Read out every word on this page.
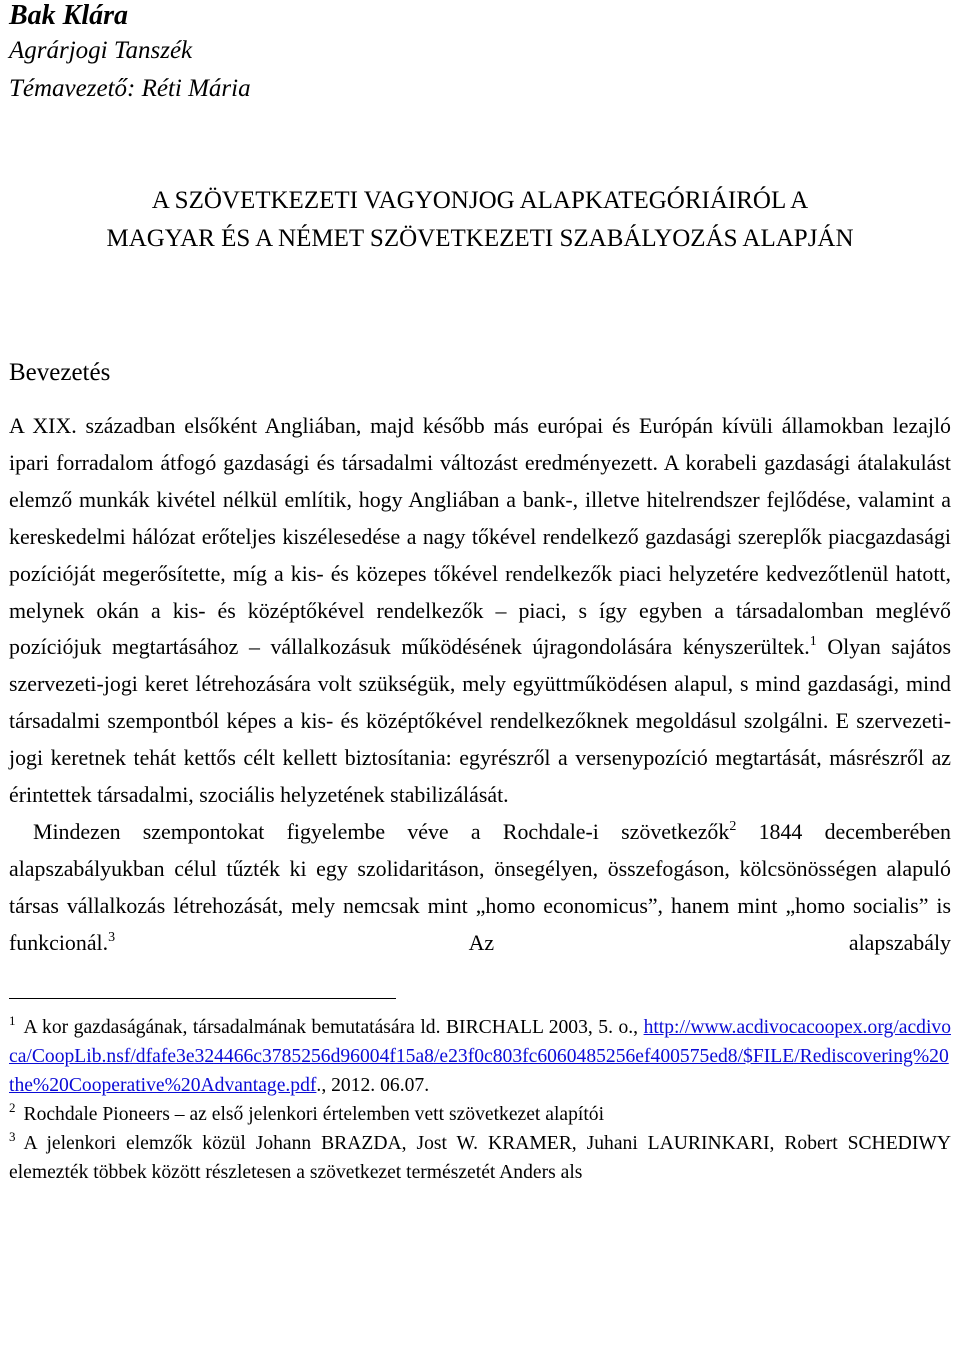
Bak Klára

Agrárjogi Tanszék

Témavezető: Réti Mária

A SZÖVETKEZETI VAGYONJOG ALAPKATEGÓRIÁIRÓL A
MAGYAR ÉS A NÉMET SZÖVETKEZETI SZABÁLYOZÁS ALAPJÁN
Bevezetés

A XIX. században elsőként Angliában, majd később más európai és Európán kívüli államokban lezajló ipari forradalom átfogó gazdasági és társadalmi változást eredményezett. A korabeli gazdasági átalakulást elemző munkák kivétel nélkül említik, hogy Angliában a bank-, illetve hitelrendszer fejlődése, valamint a kereskedelmi hálózat erőteljes kiszélesedése a nagy tőkével rendelkező gazdasági szereplők piacgazdasági pozícióját megerősítette, míg a kis- és közepes tőkével rendelkezők piaci helyzetére kedvezőtlenül hatott, melynek okán a kis- és középtőkével rendelkezők – piaci, s így egyben a társadalomban meglévő pozíciójuk megtartásához – vállalkozásuk működésének újragondolására kényszerültek.$^1$ Olyan sajátos szervezeti-jogi keret létrehozására volt szükségük, mely együttműködésen alapul, s mind gazdasági, mind társadalmi szempontból képes a kis- és középtőkével rendelkezőknek megoldásul szolgálni. E szervezeti-jogi keretnek tehát kettős célt kellett biztosítania: egyrészről a versenypozíció megtartását, másrészről az érintettek társadalmi, szociális helyzetének stabilizálását.

Mindezen szempontokat figyelembe véve a Rochdale-i szövetkezők$^2$ 1844 decemberében alapszabályukban célul tűzték ki egy szolidaritáson, önsegélyen, összefogáson, kölcsönösségen alapuló társas vállalkozás létrehozását, mely nemcsak mint „homo economicus”, hanem mint „homo socialis” is funkcionál.$^3$ Az alapszabály

$^1$ A kor gazdaságának, társadalmának bemutatására ld. BIRCHALL 2003, 5. o., http://www.acdivocacoopex.org/acdivoca/CoopLib.nsf/dfafe3e324466c3785256d96004f15a8/e23f0c803fc6060485256ef400575ed8/$FILE/Rediscovering%20the%20Cooperative%20Advantage.pdf., 2012. 06.07.

$^2$ Rochdale Pioneers – az első jelenkori értelemben vett szövetkezet alapítói

$^3$ A jelenkori elemzők közül Johann BRAZDA, Jost W. KRAMER, Juhani LAURINKARI, Robert SCHEDIWY elemezték többek között részletesen a szövetkezet természetét Anders als
